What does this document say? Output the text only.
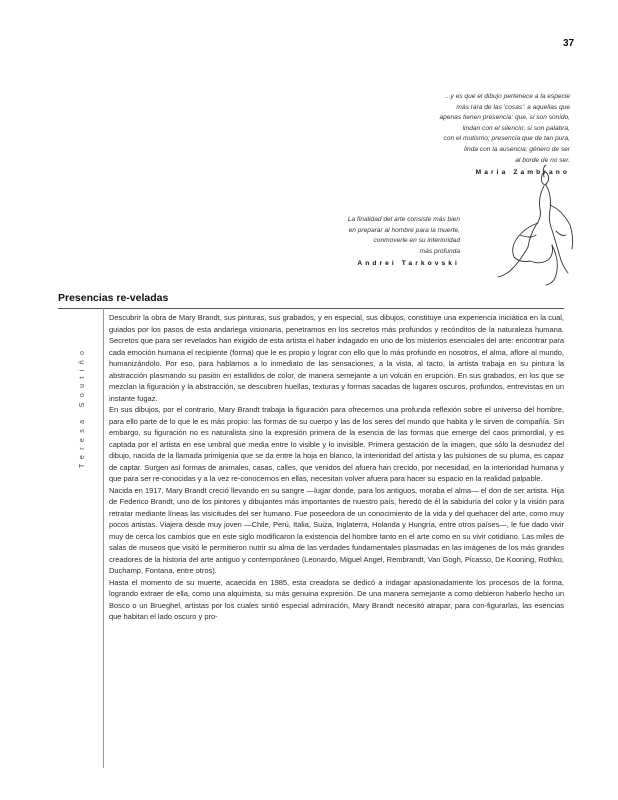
37
...y es que el dibujo pertenece a la especie
más rara de las 'cosas': a aquellas que
apenas tienen presencia: que, si son sonido,
lindan con el silencio; si son palabra,
con el mutismo; presencia que de tan pura,
linda con la ausencia; género de ser
al borde de no ser.
Maria Zambrano
La finalidad del arte consiste más bien
en preparar al hombre para la muerte,
conmoverle en su interioridad
más profunda
Andrei Tarkovski
Presencias re-veladas
Teresa Soutiño

Descubrir la obra de Mary Brandt, sus pinturas, sus grabados, y en especial, sus dibujos, constituye una experiencia iniciática en la cual, guiados por los pasos de esta andariega visionaria, penetramos en los secretos más profundos y recónditos de la naturaleza humana. Secretos que para ser revelados han exigido de esta artista el haber indagado en uno de los misterios esenciales del arte: encontrar para cada emoción humana el recipiente (forma) que le es propio y lograr con ello que lo más profundo en nosotros, el alma, aflore al mundo, humanizándolo. Por eso, para hablarnos a lo inmediato de las sensaciones, a la vista, al tacto, la artista trabaja en su pintura la abstracción plasmando su pasión en estallidos de color, de manera semejante a un volcán en erupción. En sus grabados, en los que se mezclan la figuración y la abstracción, se descubren huellas, texturas y formas sacadas de lugares oscuros, profundos, entrevistas en un instante fugaz.

En sus dibujos, por el contrario, Mary Brandt trabaja la figuración para ofrecernos una profunda reflexión sobre el universo del hombre, para ello parte de lo que le es más propio: las formas de su cuerpo y las de los seres del mundo que habita y le sirven de compañía. Sin embargo, su figuración no es naturalista sino la expresión primera de la esencia de las formas que emerge del caos primordial, y es captada por el artista en ese umbral que media entre lo visible y lo invisible. Primera gestación de la imagen, que sólo la desnudez del dibujo, nacida de la llamada primigenia que se da entre la hoja en blanco, la interioridad del artista y las pulsiones de su pluma, es capaz de captar. Surgen así formas de animales, casas, calles, que venidos del afuera han crecido, por necesidad, en la interioridad humana y que para ser re-conocidas y a la vez re-conocernos en ellas, necesitan volver afuera para hacer su espacio en la realidad palpable.

Nacida en 1917, Mary Brandt creció llevando en su sangre —lugar donde, para los antiguos, moraba el alma— el don de ser artista. Hija de Federico Brandt, uno de los pintores y dibujantes más importantes de nuestro país, heredó de él la sabiduría del color y la visión para retratar mediante líneas las visicitudes del ser humano. Fue poseedora de un conocimiento de la vida y del quehacer del arte, como muy pocos artistas. Viajera desde muy joven —Chile, Perú, Italia, Suiza, Inglaterra, Holanda y Hungría, entre otros países—, le fue dado vivir muy de cerca los cambios que en este siglo modificaron la existencia del hombre tanto en el arte como en su vivir cotidiano. Las miles de salas de museos que visitó le permitieron nutrir su alma de las verdades fundamentales plasmadas en las imágenes de los más grandes creadores de la historia del arte antiguo y contemporáneo (Leonardo, Miguel Angel, Rembrandt, Van Gogh, Picasso, De Kooning, Rothko, Duchamp, Fontana, entre otros).

Hasta el momento de su muerte, acaecida en 1985, esta creadora se dedicó a indagar apasionadamente los procesos de la forma, logrando extraer de ella, como una alquimista, su más genuina expresión. De una manera semejante a como debieron haberlo hecho un Bosco o un Brueghel, artistas por los cuales sintió especial admiración, Mary Brandt necesitó atrapar, para con-figurarlas, las esencias que habitan el lado oscuro y pro-
